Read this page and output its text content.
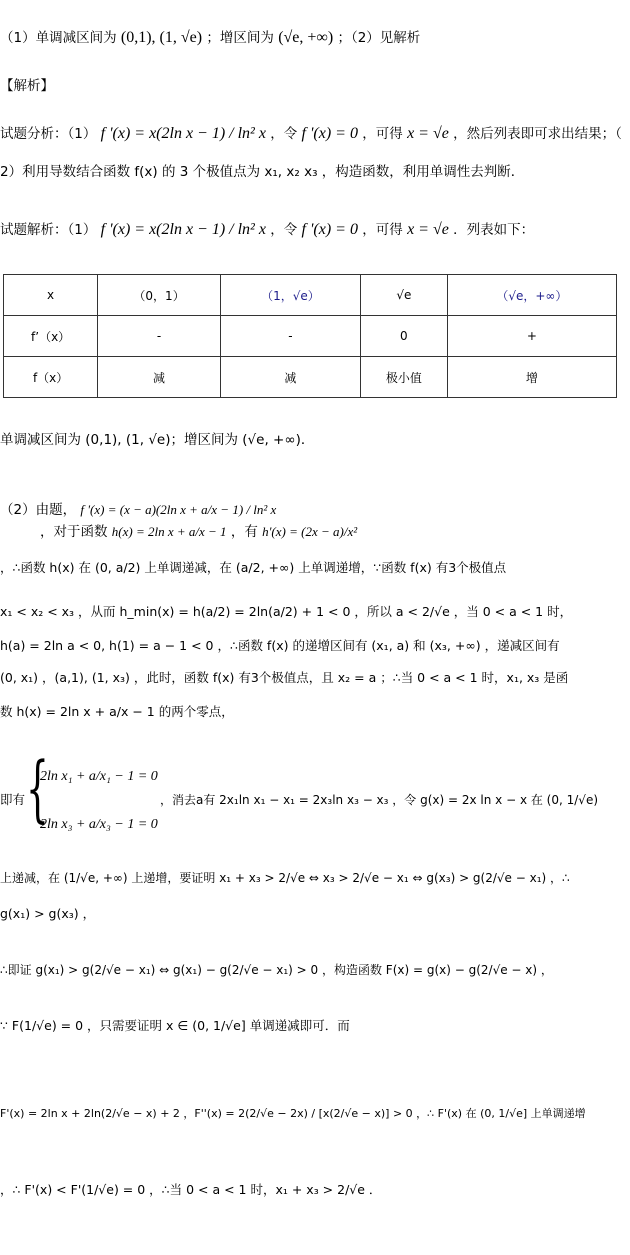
（1）单调减区间为 (0,1), (1, √e) ；增区间为 (√e, +∞) ；（2）见解析
【解析】
试题分析：（1） f '(x) = x(2ln x − 1) / ln² x ，令 f '(x) = 0 ，可得 x = √e ，然后列表即可求出结果；（
2）利用导数结合函数 f(x) 的 3 个极值点为 x₁, x₂ x₃ ，构造函数，利用单调性去判断．
试题解析：（1） f '(x) = x(2ln x − 1) / ln² x ，令 f '(x) = 0 ，可得 x = √e ．列表如下：
x	（0，1）	（1，√e）	√e	（√e，+∞）
f’（x）	-	-	0	+
f（x）	减	减	极小值	增
单调减区间为 (0,1), (1, √e)；增区间为 (√e, +∞)．
（2）由题， f '(x) = (x − a)(2ln x + a/x − 1) / ln² x
，对于函数 h(x) = 2ln x + a/x − 1 ，有 h'(x) = (2x − a)/x²
，∴函数 h(x) 在 (0, a/2) 上单调递减，在 (a/2, +∞) 上单调递增，∵函数 f(x) 有3个极值点
x₁ < x₂ < x₃ ，从而 h_min(x) = h(a/2) = 2ln(a/2) + 1 < 0 ，所以 a < 2/√e ，当 0 < a < 1 时，
h(a) = 2ln a < 0, h(1) = a − 1 < 0 ，∴函数 f(x) 的递增区间有 (x₁, a) 和 (x₃, +∞) ，递减区间有
(0, x₁) ，(a,1), (1, x₃) ，此时，函数 f(x) 有3个极值点，且 x₂ = a ；∴当 0 < a < 1 时，x₁, x₃ 是函
数 h(x) = 2ln x + a/x − 1 的两个零点，
即有 {
2ln x₁ + a/x₁ − 1 = 0
2ln x₃ + a/x₃ − 1 = 0
，消去a有 2x₁ln x₁ − x₁ = 2x₃ln x₃ − x₃ ，令 g(x) = 2x ln x − x 在 (0, 1/√e)
上递减，在 (1/√e, +∞) 上递增，要证明 x₁ + x₃ > 2/√e ⇔ x₃ > 2/√e − x₁ ⇔ g(x₃) > g(2/√e − x₁) ，∴
g(x₁) > g(x₃) ，
∴即证 g(x₁) > g(2/√e − x₁) ⇔ g(x₁) − g(2/√e − x₁) > 0 ，构造函数 F(x) = g(x) − g(2/√e − x) ，
∵ F(1/√e) = 0 ，只需要证明 x ∈ (0, 1/√e] 单调递减即可．而
F'(x) = 2ln x + 2ln(2/√e − x) + 2 ，F''(x) = 2(2/√e − 2x) / [x(2/√e − x)] > 0 ，∴ F'(x) 在 (0, 1/√e] 上单调递增
，∴ F'(x) < F'(1/√e) = 0 ，∴当 0 < a < 1 时，x₁ + x₃ > 2/√e ．
